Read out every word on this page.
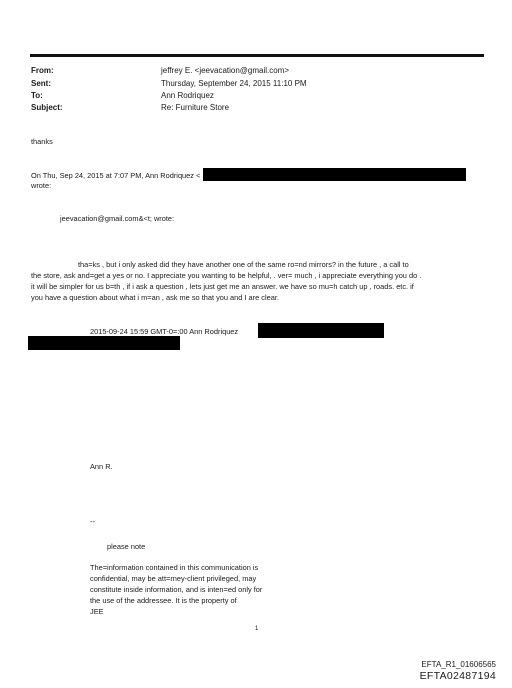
From:	jeffrey E. <jeevacation@gmail.com>
Sent:	Thursday, September 24, 2015 11:10 PM
To:	Ann Rodriquez
Subject:	Re: Furniture Store
thanks
On Thu, Sep 24, 2015 at 7:07 PM, Ann Rodriquez <
wrote:
jeevacation@gmail.com&<t; wrote:
tha=ks , but i only asked did they have another one of the same ro=nd mirrors? in the future , a call to
the store, ask and=get a yes or no. I appreciate you wanting to be helpful, . ver= much , i appreciate everything you do .
it will be simpler for us b=th , if i ask a question , lets just get me an answer. we have so mu=h catch up , roads. etc. if
you have a question about what i m=an , ask me so that you and I are clear.
2015-09-24 15:59 GMT-0=:00 Ann Rodriquez
Ann R.
--
please note
The=information contained in this communication is
confidential, may be att=rney-client privileged, may
constitute inside information, and is inten=ed only for
the use of the addressee. It is the property of
JEE
1
EFTA_R1_01606565
EFTA02487194
